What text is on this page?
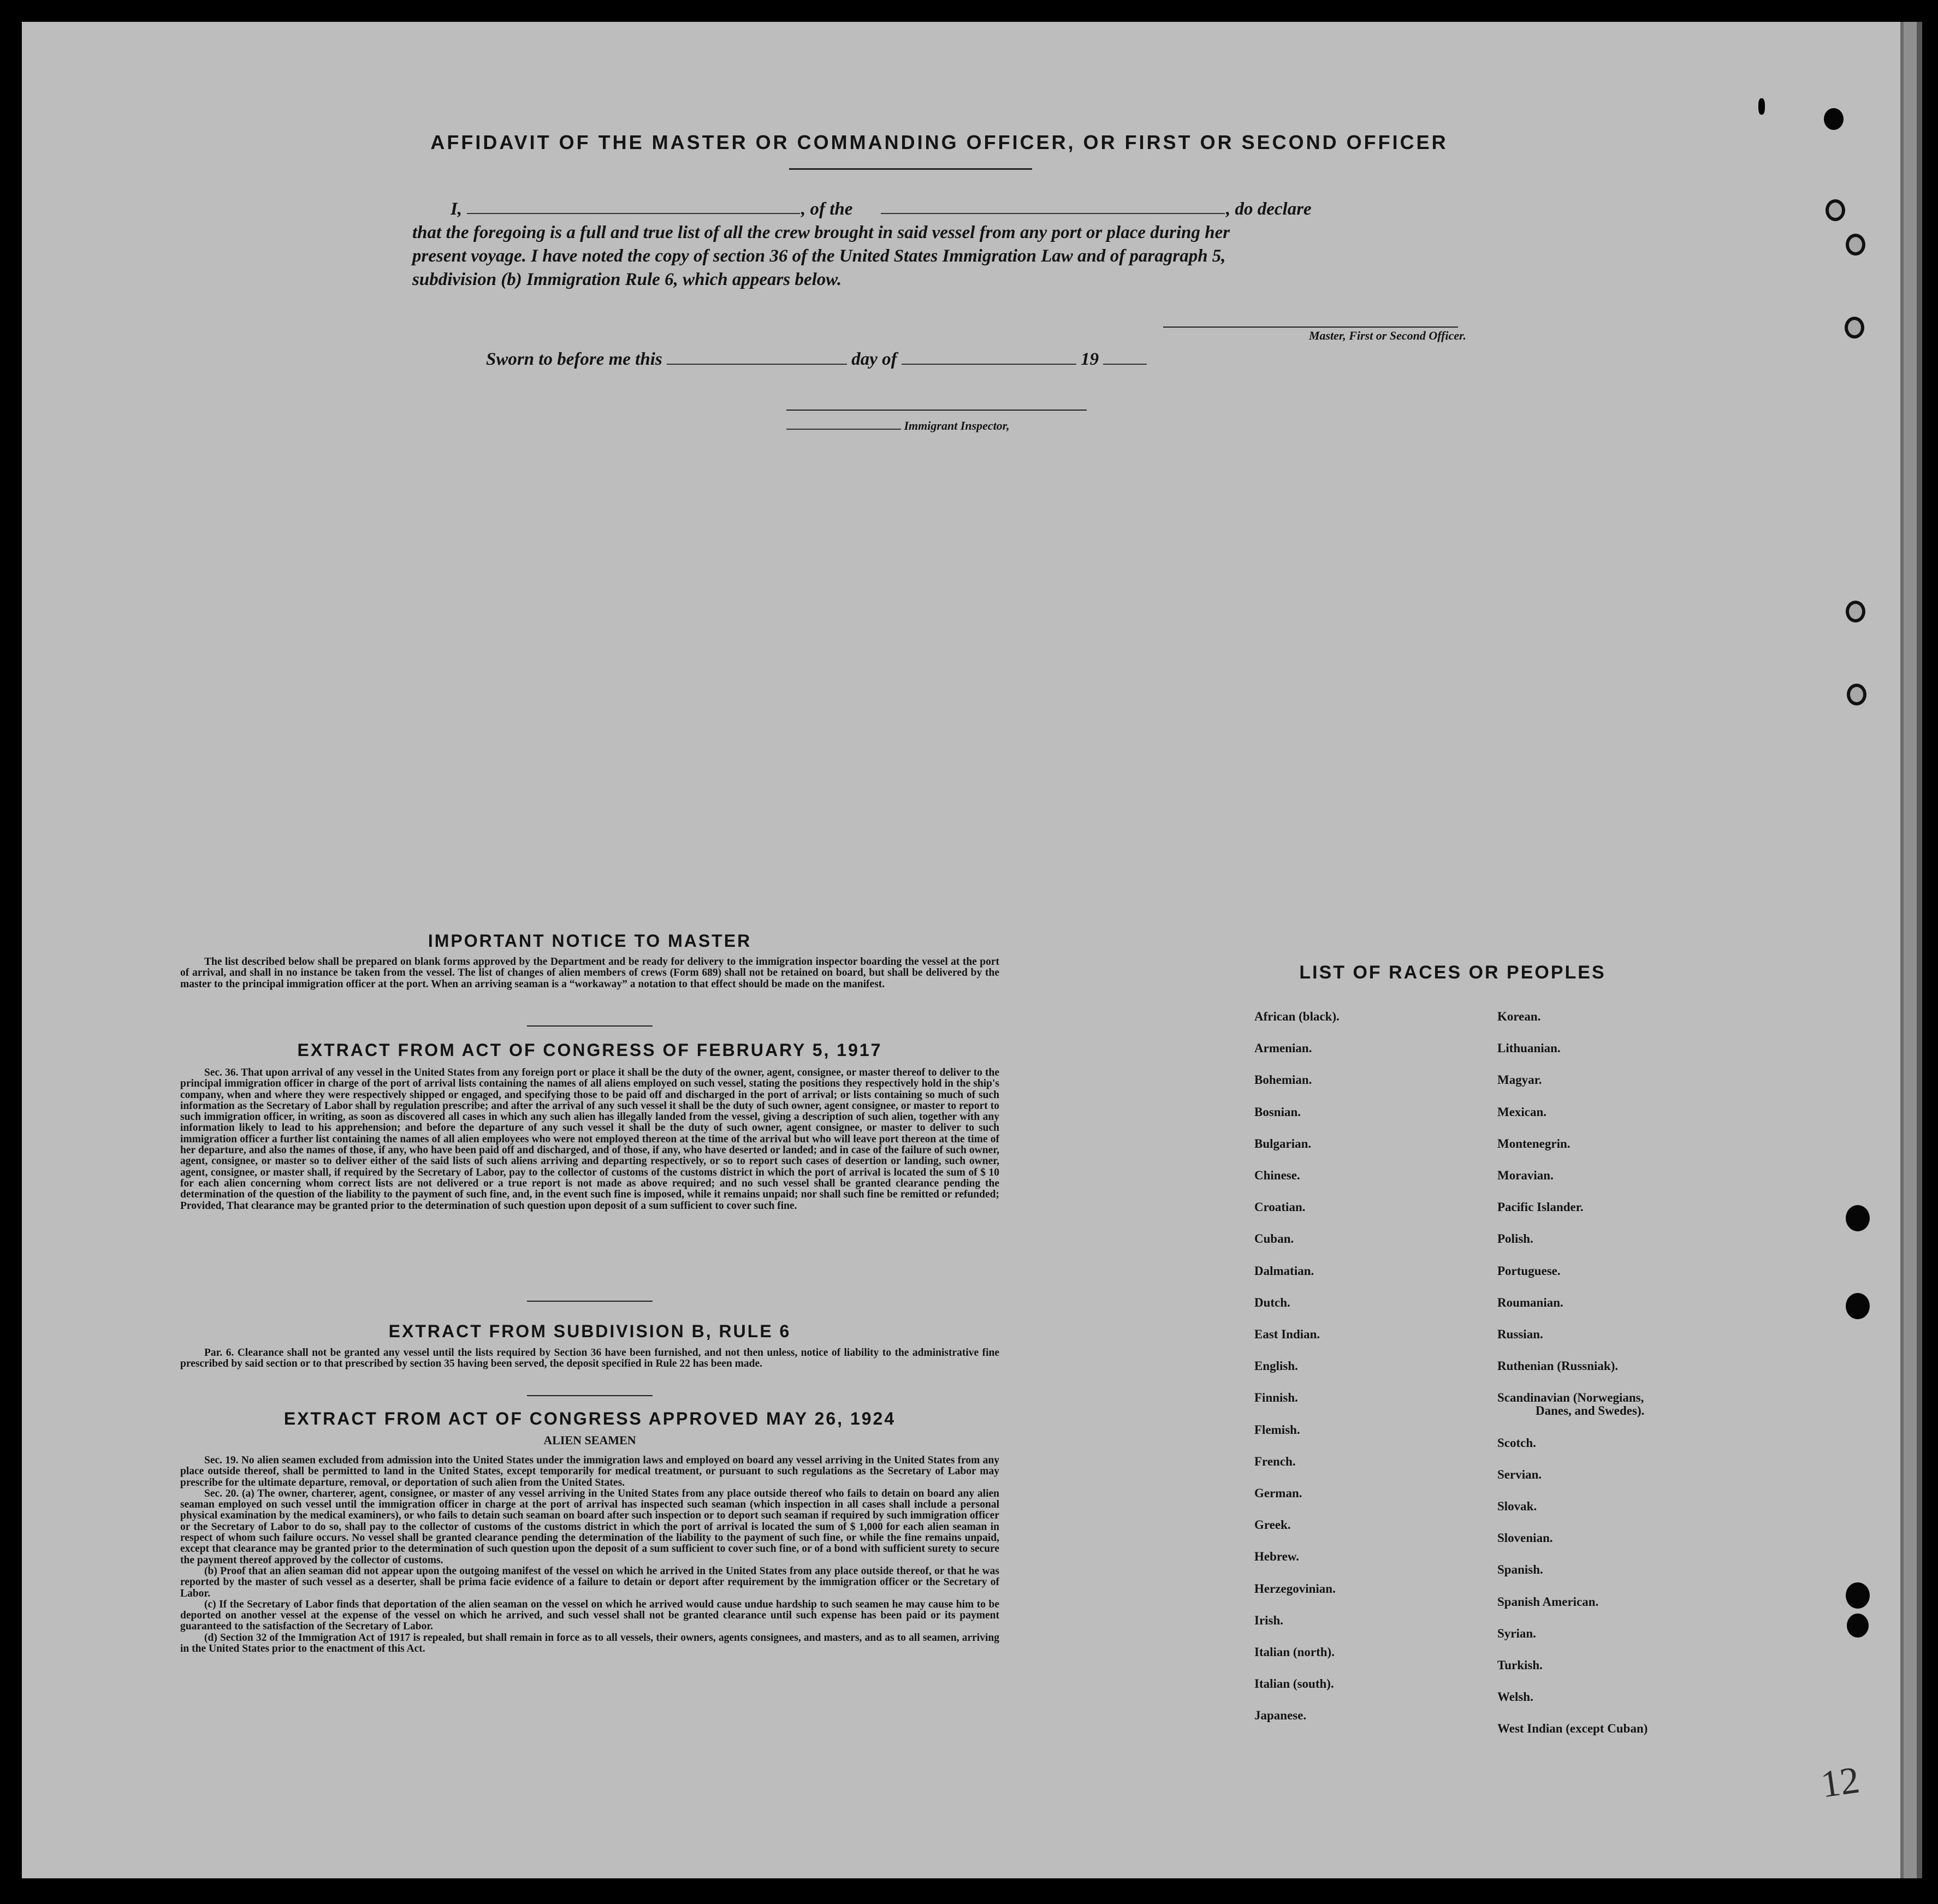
AFFIDAVIT OF THE MASTER OR COMMANDING OFFICER, OR FIRST OR SECOND OFFICER
I,	, of the	, do declare
that the foregoing is a full and true list of all the crew brought in said vessel from any port or place during her
present voyage. I have noted the copy of section 36 of the United States Immigration Law and of paragraph 5,
subdivision (b) Immigration Rule 6, which appears below.
Master, First or Second Officer.
Sworn to before me this	day of	19
Immigrant Inspector,
IMPORTANT NOTICE TO MASTER

The list described below shall be prepared on blank forms approved by the Department and be ready for delivery to the immigration inspector boarding the vessel at the port of arrival, and shall in no instance be taken from the vessel. The list of changes of alien members of crews (Form 689) shall not be retained on board, but shall be delivered by the master to the principal immigration officer at the port. When an arriving seaman is a “workaway” a notation to that effect should be made on the manifest.

EXTRACT FROM ACT OF CONGRESS OF FEBRUARY 5, 1917

Sec. 36. That upon arrival of any vessel in the United States from any foreign port or place it shall be the duty of the owner, agent, consignee, or master thereof to deliver to the principal immigration officer in charge of the port of arrival lists containing the names of all aliens employed on such vessel, stating the positions they respectively hold in the ship's company, when and where they were respectively shipped or engaged, and specifying those to be paid off and discharged in the port of arrival; or lists containing so much of such information as the Secretary of Labor shall by regulation prescribe; and after the arrival of any such vessel it shall be the duty of such owner, agent consignee, or master to report to such immigration officer, in writing, as soon as discovered all cases in which any such alien has illegally landed from the vessel, giving a description of such alien, together with any information likely to lead to his apprehension; and before the departure of any such vessel it shall be the duty of such owner, agent consignee, or master to deliver to such immigration officer a further list containing the names of all alien employees who were not employed thereon at the time of the arrival but who will leave port thereon at the time of her departure, and also the names of those, if any, who have been paid off and discharged, and of those, if any, who have deserted or landed; and in case of the failure of such owner, agent, consignee, or master so to deliver either of the said lists of such aliens arriving and departing respectively, or so to report such cases of desertion or landing, such owner, agent, consignee, or master shall, if required by the Secretary of Labor, pay to the collector of customs of the customs district in which the port of arrival is located the sum of $ 10 for each alien concerning whom correct lists are not delivered or a true report is not made as above required; and no such vessel shall be granted clearance pending the determination of the question of the liability to the payment of such fine, and, in the event such fine is imposed, while it remains unpaid; nor shall such fine be remitted or refunded; Provided, That clearance may be granted prior to the determination of such question upon deposit of a sum sufficient to cover such fine.

EXTRACT FROM SUBDIVISION B, RULE 6

Par. 6. Clearance shall not be granted any vessel until the lists required by Section 36 have been furnished, and not then unless, notice of liability to the administrative fine prescribed by said section or to that prescribed by section 35 having been served, the deposit specified in Rule 22 has been made.

EXTRACT FROM ACT OF CONGRESS APPROVED MAY 26, 1924
ALIEN SEAMEN

Sec. 19. No alien seamen excluded from admission into the United States under the immigration laws and employed on board any vessel arriving in the United States from any place outside thereof, shall be permitted to land in the United States, except temporarily for medical treatment, or pursuant to such regulations as the Secretary of Labor may prescribe for the ultimate departure, removal, or deportation of such alien from the United States.

Sec. 20. (a) The owner, charterer, agent, consignee, or master of any vessel arriving in the United States from any place outside thereof who fails to detain on board any alien seaman employed on such vessel until the immigration officer in charge at the port of arrival has inspected such seaman (which inspection in all cases shall include a personal physical examination by the medical examiners), or who fails to detain such seaman on board after such inspection or to deport such seaman if required by such immigration officer or the Secretary of Labor to do so, shall pay to the collector of customs of the customs district in which the port of arrival is located the sum of $ 1,000 for each alien seaman in respect of whom such failure occurs. No vessel shall be granted clearance pending the determination of the liability to the payment of such fine, or while the fine remains unpaid, except that clearance may be granted prior to the determination of such question upon the deposit of a sum sufficient to cover such fine, or of a bond with sufficient surety to secure the payment thereof approved by the collector of customs.

(b) Proof that an alien seaman did not appear upon the outgoing manifest of the vessel on which he arrived in the United States from any place outside thereof, or that he was reported by the master of such vessel as a deserter, shall be prima facie evidence of a failure to detain or deport after requirement by the immigration officer or the Secretary of Labor.

(c) If the Secretary of Labor finds that deportation of the alien seaman on the vessel on which he arrived would cause undue hardship to such seamen he may cause him to be deported on another vessel at the expense of the vessel on which he arrived, and such vessel shall not be granted clearance until such expense has been paid or its payment guaranteed to the satisfaction of the Secretary of Labor.

(d) Section 32 of the Immigration Act of 1917 is repealed, but shall remain in force as to all vessels, their owners, agents consignees, and masters, and as to all seamen, arriving in the United States prior to the enactment of this Act.

LIST OF RACES OR PEOPLES
African (black).
Armenian.
Bohemian.
Bosnian.
Bulgarian.
Chinese.
Croatian.
Cuban.
Dalmatian.
Dutch.
East Indian.
English.
Finnish.
Flemish.
French.
German.
Greek.
Hebrew.
Herzegovinian.
Irish.
Italian (north).
Italian (south).
Japanese.
Korean.
Lithuanian.
Magyar.
Mexican.
Montenegrin.
Moravian.
Pacific Islander.
Polish.
Portuguese.
Roumanian.
Russian.
Ruthenian (Russniak).
Scandinavian (Norwegians,
Danes, and Swedes).
Scotch.
Servian.
Slovak.
Slovenian.
Spanish.
Spanish American.
Syrian.
Turkish.
Welsh.
West Indian (except Cuban)
12
